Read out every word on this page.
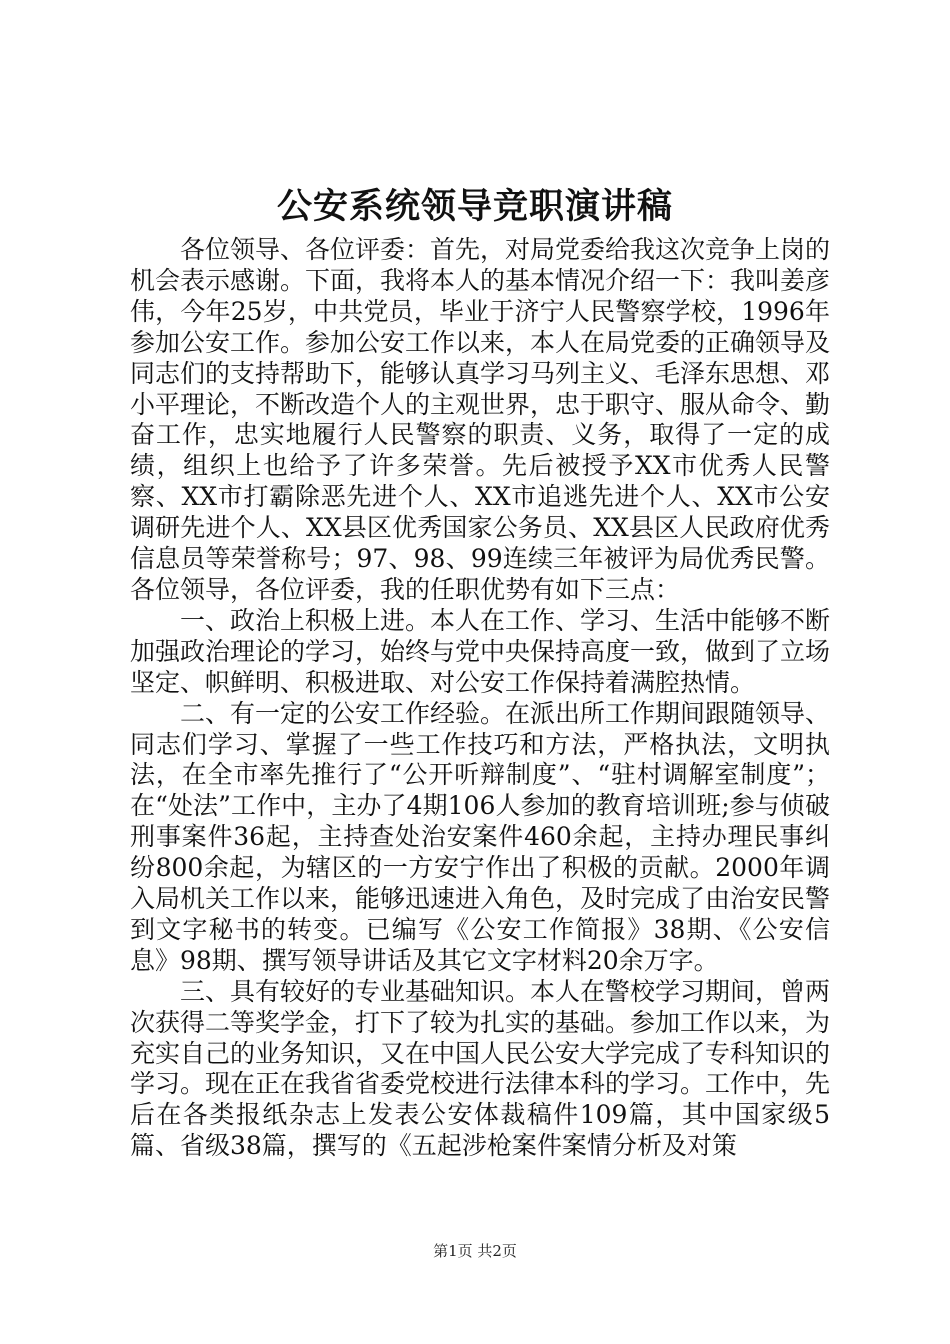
公安系统领导竞职演讲稿

各位领导、各位评委：首先，对局党委给我这次竞争上岗的机会表示感谢。下面，我将本人的基本情况介绍一下：我叫姜彦伟，今年25岁，中共党员，毕业于济宁人民警察学校，1996年参加公安工作。参加公安工作以来，本人在局党委的正确领导及同志们的支持帮助下，能够认真学习马列主义、毛泽东思想、邓小平理论，不断改造个人的主观世界，忠于职守、服从命令、勤奋工作，忠实地履行人民警察的职责、义务，取得了一定的成绩，组织上也给予了许多荣誉。先后被授予XX市优秀人民警察、XX市打霸除恶先进个人、XX市追逃先进个人、XX市公安调研先进个人、XX县区优秀国家公务员、XX县区人民政府优秀信息员等荣誉称号；97、98、99连续三年被评为局优秀民警。各位领导，各位评委，我的任职优势有如下三点：

一、政治上积极上进。本人在工作、学习、生活中能够不断加强政治理论的学习，始终与党中央保持高度一致，做到了立场坚定、帜鲜明、积极进取、对公安工作保持着满腔热情。

二、有一定的公安工作经验。在派出所工作期间跟随领导、同志们学习、掌握了一些工作技巧和方法，严格执法，文明执法，在全市率先推行了“公开听辩制度”、“驻村调解室制度”；在“处法”工作中，主办了4期106人参加的教育培训班;参与侦破刑事案件36起，主持查处治安案件460余起，主持办理民事纠纷800余起，为辖区的一方安宁作出了积极的贡献。2000年调入局机关工作以来，能够迅速进入角色，及时完成了由治安民警到文字秘书的转变。已编写《公安工作简报》38期、《公安信息》98期、撰写领导讲话及其它文字材料20余万字。

三、具有较好的专业基础知识。本人在警校学习期间，曾两次获得二等奖学金，打下了较为扎实的基础。参加工作以来，为充实自己的业务知识，又在中国人民公安大学完成了专科知识的学习。现在正在我省省委党校进行法律本科的学习。工作中，先后在各类报纸杂志上发表公安体裁稿件109篇，其中国家级5篇、省级38篇，撰写的《五起涉枪案件案情分析及对策

第1页 共2页
